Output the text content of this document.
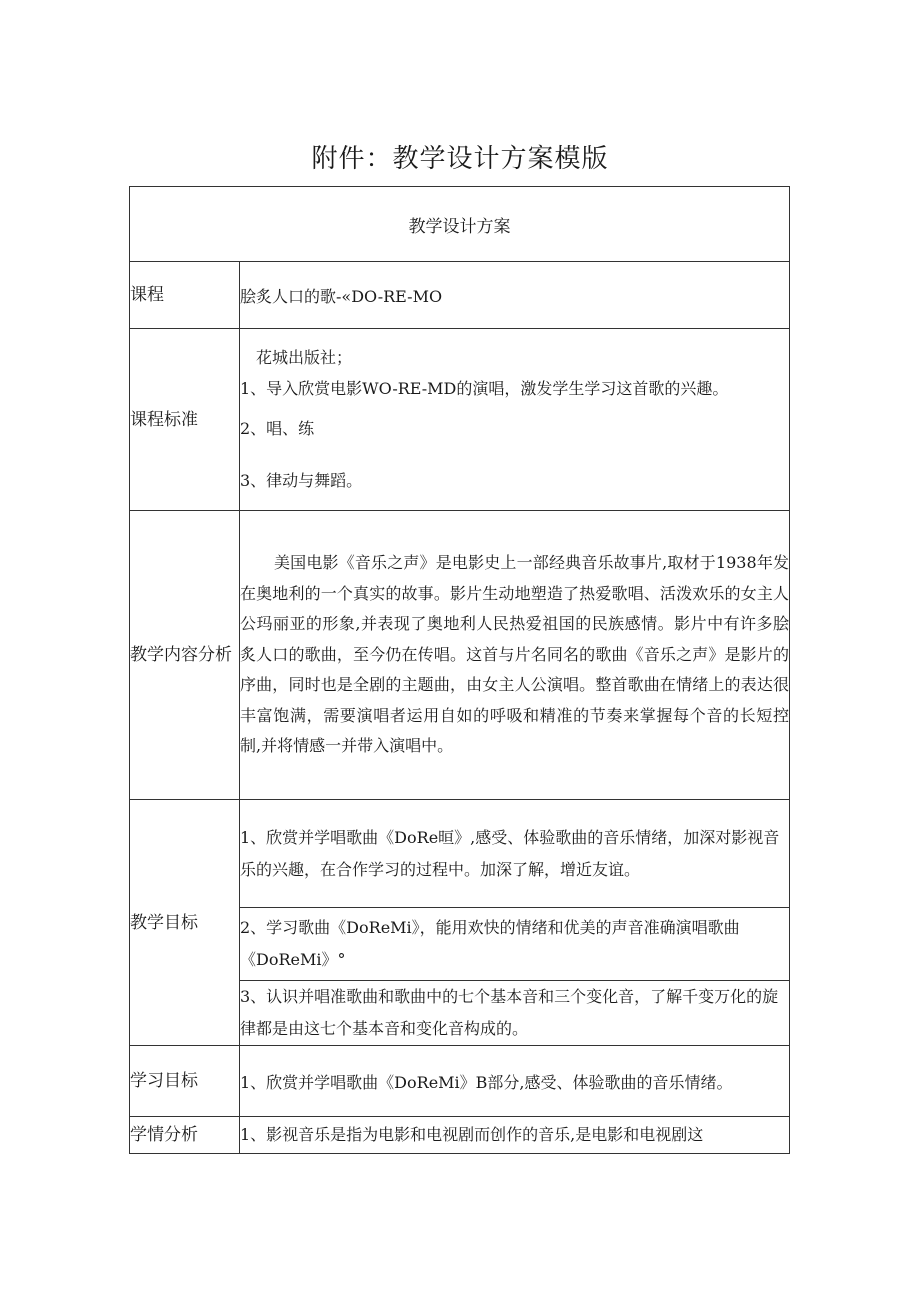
附件：教学设计方案模版
教学设计方案	
课程	脍炙人口的歌-«DO-RE-MO
课程标准	花城出版社；

1、导入欣赏电影WO-RE-MD的演唱，激发学生学习这首歌的兴趣。

2、唱、练

3、律动与舞蹈。

教学内容分析	美国电影《音乐之声》是电影史上一部经典音乐故事片,取材于1938年发在奥地利的一个真实的故事。影片生动地塑造了热爱歌唱、活泼欢乐的女主人公玛丽亚的形象,并表现了奥地利人民热爱祖国的民族感情。影片中有许多脍炙人口的歌曲，至今仍在传唱。这首与片名同名的歌曲《音乐之声》是影片的序曲，同时也是全剧的主题曲，由女主人公演唱。整首歌曲在情绪上的表达很丰富饱满，需要演唱者运用自如的呼吸和精准的节奏来掌握每个音的长短控制,并将情感一并带入演唱中。

教学目标	1、欣赏并学唱歌曲《DoRe晅》,感受、体验歌曲的音乐情绪，加深对影视音乐的兴趣，在合作学习的过程中。加深了解，增近友谊。

	2、学习歌曲《DoReMi》，能用欢快的情绪和优美的声音准确演唱歌曲《DoReMi》°

	3、认识并唱准歌曲和歌曲中的七个基本音和三个变化音，了解千变万化的旋律都是由这七个基本音和变化音构成的。

学习目标	1、欣赏并学唱歌曲《DoReMi》B部分,感受、体验歌曲的音乐情绪。
学情分析	1、影视音乐是指为电影和电视剧而创作的音乐,是电影和电视剧这
